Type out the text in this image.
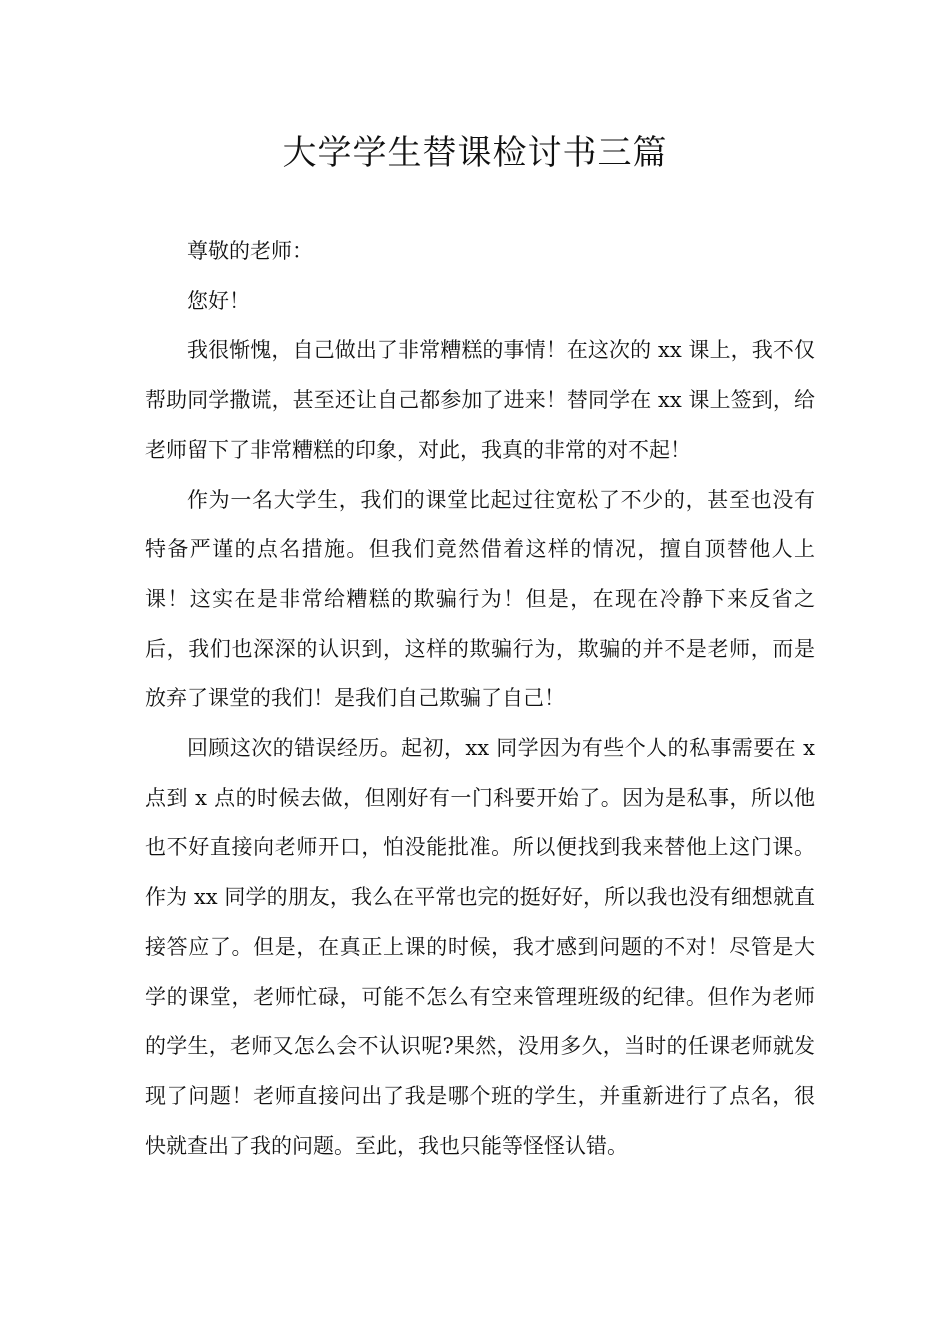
大学学生替课检讨书三篇

尊敬的老师：

您好！

我很惭愧，自己做出了非常糟糕的事情！在这次的 xx 课上，我不仅帮助同学撒谎，甚至还让自己都参加了进来！替同学在 xx 课上签到，给老师留下了非常糟糕的印象，对此，我真的非常的对不起！

作为一名大学生，我们的课堂比起过往宽松了不少的，甚至也没有特备严谨的点名措施。但我们竟然借着这样的情况，擅自顶替他人上课！这实在是非常给糟糕的欺骗行为！但是，在现在冷静下来反省之后，我们也深深的认识到，这样的欺骗行为，欺骗的并不是老师，而是放弃了课堂的我们！是我们自己欺骗了自己！

回顾这次的错误经历。起初，xx 同学因为有些个人的私事需要在 x 点到 x 点的时候去做，但刚好有一门科要开始了。因为是私事，所以他也不好直接向老师开口，怕没能批准。所以便找到我来替他上这门课。作为 xx 同学的朋友，我么在平常也完的挺好好，所以我也没有细想就直接答应了。但是，在真正上课的时候，我才感到问题的不对！尽管是大学的课堂，老师忙碌，可能不怎么有空来管理班级的纪律。但作为老师的学生，老师又怎么会不认识呢?果然，没用多久，当时的任课老师就发现了问题！老师直接问出了我是哪个班的学生，并重新进行了点名，很快就查出了我的问题。至此，我也只能等怪怪认错。
